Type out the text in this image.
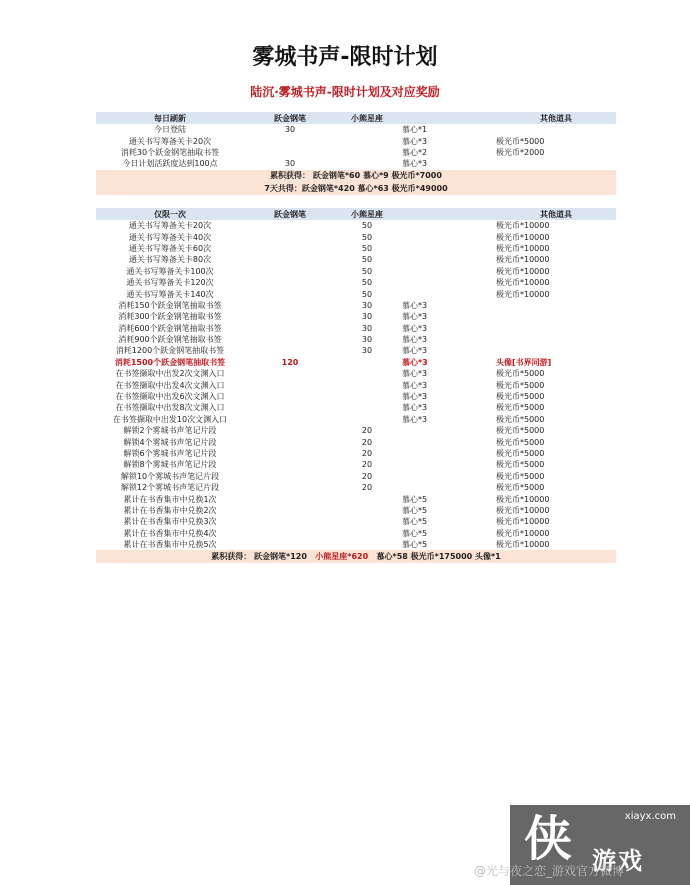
雾城书声-限时计划
陆沉·雾城书声-限时计划及对应奖励
每日刷新	跃金钢笔	小熊星座		其他道具
今日登陆	30		慕心*1	
通关书写筹备关卡20次			慕心*3	极光币*5000
消耗30个跃金钢笔抽取书签			慕心*2	极光币*2000
今日计划活跃度达到100点	30		慕心*3	
累积获得： 跃金钢笔*60 慕心*9 极光币*7000				
7天共得：跃金钢笔*420 慕心*63 极光币*49000				
仅限一次	跃金钢笔	小熊星座		其他道具
通关书写筹备关卡20次		50		极光币*10000
通关书写筹备关卡40次		50		极光币*10000
通关书写筹备关卡60次		50		极光币*10000
通关书写筹备关卡80次		50		极光币*10000
通关书写筹备关卡100次		50		极光币*10000
通关书写筹备关卡120次		50		极光币*10000
通关书写筹备关卡140次		50		极光币*10000
消耗150个跃金钢笔抽取书签		30	慕心*3	
消耗300个跃金钢笔抽取书签		30	慕心*3	
消耗600个跃金钢笔抽取书签		30	慕心*3	
消耗900个跃金钢笔抽取书签		30	慕心*3	
消耗1200个跃金钢笔抽取书签		30	慕心*3	
消耗1500个跃金钢笔抽取书签	120		慕心*3	头像[书界同游]
在书签撷取中出发2次文渊入口			慕心*3	极光币*5000
在书签撷取中出发4次文渊入口			慕心*3	极光币*5000
在书签撷取中出发6次文渊入口			慕心*3	极光币*5000
在书签撷取中出发8次文渊入口			慕心*3	极光币*5000
在书签撷取中出发10次文渊入口			慕心*3	极光币*5000
解锁2个雾城书声笔记片段		20		极光币*5000
解锁4个雾城书声笔记片段		20		极光币*5000
解锁6个雾城书声笔记片段		20		极光币*5000
解锁8个雾城书声笔记片段		20		极光币*5000
解锁10个雾城书声笔记片段		20		极光币*5000
解锁12个雾城书声笔记片段		20		极光币*5000
累计在书香集市中兑换1次			慕心*5	极光币*10000
累计在书香集市中兑换2次			慕心*5	极光币*10000
累计在书香集市中兑换3次			慕心*5	极光币*10000
累计在书香集市中兑换4次			慕心*5	极光币*10000
累计在书香集市中兑换5次			慕心*5	极光币*10000
累积获得： 跃金钢笔*120 小熊星座*620 慕心*58 极光币*175000 头像*1				
xiayx.com
侠 游戏
@光与夜之恋_游戏官方微博
